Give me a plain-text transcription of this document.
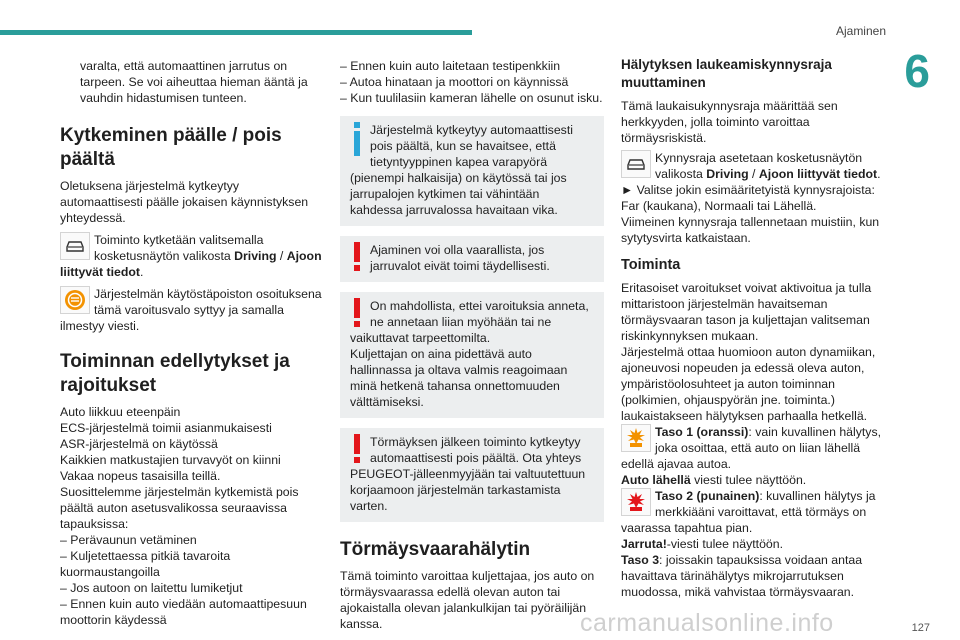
Ajaminen
6

varalta, että automaattinen jarrutus on tarpeen. Se voi aiheuttaa hieman ääntä ja vauhdin hidastumisen tunteen.

Kytkeminen päälle / pois päältä

Oletuksena järjestelmä kytkeytyy automaattisesti päälle jokaisen käynnistyksen yhteydessä.

Toiminto kytketään valitsemalla kosketusnäytön valikosta Driving / Ajoon liittyvät tiedot.
Järjestelmän käytöstäpoiston osoituksena tämä varoitusvalo syttyy ja samalla ilmestyy viesti.
Toiminnan edellytykset ja rajoitukset

Auto liikkuu eteenpäin

ECS-järjestelmä toimii asianmukaisesti

ASR-järjestelmä on käytössä

Kaikkien matkustajien turvavyöt on kiinni

Vakaa nopeus tasaisilla teillä.

Suosittelemme järjestelmän kytkemistä pois päältä auton asetusvalikossa seuraavissa tapauksissa:

– Perävaunun vetäminen

– Kuljetettaessa pitkiä tavaroita kuormaustangoilla

– Jos autoon on laitettu lumiketjut

– Ennen kuin auto viedään automaattipesuun moottorin käydessä

– Ennen kuin auto laitetaan testipenkkiin

– Autoa hinataan ja moottori on käynnissä

– Kun tuulilasiin kameran lähelle on osunut isku.

Järjestelmä kytkeytyy automaattisesti pois päältä, kun se havaitsee, että tietyntyyppinen kapea varapyörä (pienempi halkaisija) on käytössä tai jos jarrupalojen kytkimen tai vähintään kahdessa jarruvalossa havaitaan vika.

Ajaminen voi olla vaarallista, jos jarruvalot eivät toimi täydellisesti.

On mahdollista, ettei varoituksia anneta, ne annetaan liian myöhään tai ne vaikuttavat tarpeettomilta.

Kuljettajan on aina pidettävä auto hallinnassa ja oltava valmis reagoimaan minä hetkenä tahansa onnettomuuden välttämiseksi.

Törmäyksen jälkeen toiminto kytkeytyy automaattisesti pois päältä. Ota yhteys PEUGEOT-jälleenmyyjään tai valtuutettuun korjaamoon järjestelmän tarkastamista varten.

Törmäysvaarahälytin

Tämä toiminto varoittaa kuljettajaa, jos auto on törmäysvaarassa edellä olevan auton tai ajokaistalla olevan jalankulkijan tai pyöräilijän kanssa.

Hälytyksen laukeamiskynnysraja muuttaminen

Tämä laukaisukynnysraja määrittää sen herkkyyden, jolla toiminto varoittaa törmäysriskistä.

Kynnysraja asetetaan kosketusnäytön valikosta Driving / Ajoon liittyvät tiedot.

► Valitse jokin esimääritetyistä kynnysrajoista: Far (kaukana), Normaali tai Lähellä.

Viimeinen kynnysraja tallennetaan muistiin, kun sytytysvirta katkaistaan.

Toiminta

Eritasoiset varoitukset voivat aktivoitua ja tulla mittaristoon järjestelmän havaitseman törmäysvaaran tason ja kuljettajan valitseman riskinkynnyksen mukaan.

Järjestelmä ottaa huomioon auton dynamiikan, ajoneuvosi nopeuden ja edessä oleva auton, ympäristöolosuhteet ja auton toiminnan (polkimien, ohjauspyörän jne. toiminta.) laukaistakseen hälytyksen parhaalla hetkellä.

Taso 1 (oranssi): vain kuvallinen hälytys, joka osoittaa, että auto on liian lähellä edellä ajavaa autoa.

Auto lähellä viesti tulee näyttöön.

Taso 2 (punainen): kuvallinen hälytys ja merkkiääni varoittavat, että törmäys on vaarassa tapahtua pian.

Jarruta!-viesti tulee näyttöön.

Taso 3: joissakin tapauksissa voidaan antaa havaittava tärinähälytys mikrojarrutuksen muodossa, mikä vahvistaa törmäysvaaran.

carmanualsonline.info	127
